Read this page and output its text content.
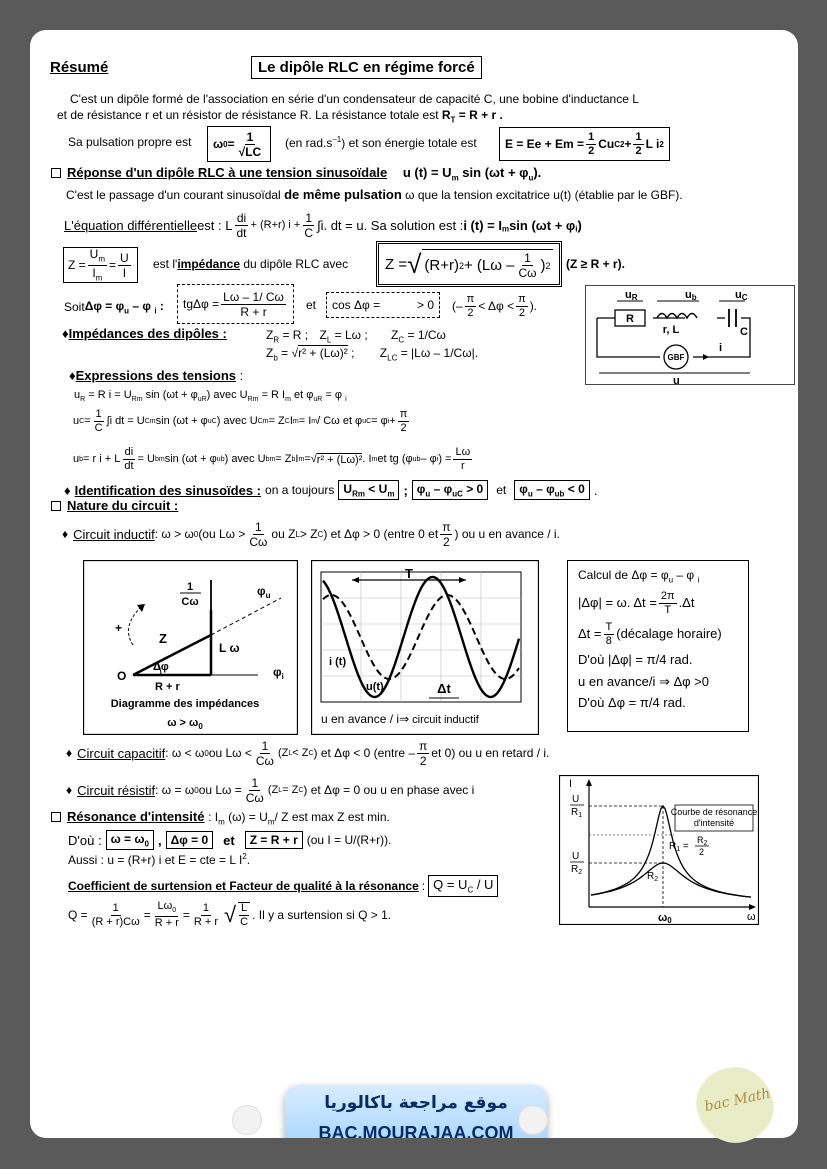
Résumé	Le dipôle RLC en régime forcé
C'est un dipôle formé de l'association en série d'un condensateur de capacité C, une bobine d'inductance L
et de résistance r et un résistor de résistance R. La résistance totale est $R_T = R + r$ .
Sa pulsation propre est ω $0 = \frac{1}{√LC} (en$ $rad.s^{-1}$) et son énergie totale est $E = Ee + Em = \frac{1}{2}$ Cu C $2 + \frac{1}{2}$ L i 2
Réponse d'un dipôle RLC à une tension sinusoïdale u $(t) = U_m$ $\sin (\omega t + \varphi_u)$.
C'est le passage d'un courant sinusoïdal de même pulsation ω que la tension excitatrice u(t) (établie par le GBF).
L'équation différentielle est : L $\frac{di}{dt} + (R+r) i + \frac{1}{C} \int i$. dt = u. Sa solution est : i (t) = I $_m$ sin (ωt + φ $_i$ )
$Z = \frac{U_m}{I_m} = \frac{U}{I}$ est l'impédance du dipôle RLC avec Z = √ (R+r) $2 + (L\omega - \frac{1}{C\omega}$ ) 2 (Z ≥ R + r).
Soit $\Delta\varphi = \varphi_u - \varphi$ $_i$ : $tg\Delta\varphi = \frac{L\omega - 1/ C\omega}{R + r}$ et cos Δφ =	> 0 (– $\frac{\pi}{2} < \Delta\varphi < \frac{\pi}{2}$ ).
R
r, L	C
uR	ub	uC
GBF
i
u
♦Impédances des dipôles :	$Z_R = R$ ; $Z_L = L\omega$ ; $Z_C = 1/C\omega$
$Z_b = √r^2 + (L\omega)^2$ ; $Z_{LC} = |L\omega - 1/C\omega|$.
♦Expressions des tensions :
$u_R = R$ $i = U_{Rm}$ $\sin (\omega t + \varphi_{uR})$ avec $U_{Rm} = R$ $I_m$ et $\varphi_{uR} = \varphi$ $_i$
u $C = \frac{1}{C} \int i$ dt = U Cm sin (ωt + φ uC ) avec U Cm = Z C I m = I m / Cω et φ uC = φ $i + \frac{\pi}{2}$
u b = r i + L $\frac{di}{dt} = U$ bm sin (ωt + φ ub ) avec U bm = Z b I m = √ r² + (Lω)² . I m et tg (φ ub – φ i ) = $\frac{L\omega}{r}$
♦ Identification des sinusoïdes : on a toujours $U_{Rm} < U_m$ ; $\varphi_u - \varphi_{uC} > 0$	et	$\varphi_u - \varphi_{ub} < 0$ .
Nature du circuit :
♦ Circuit inductif : ω > ω 0 (ou $L\omega > \frac{1}{C\omega}$ ou Z L > Z C ) et Δφ > 0 (entre 0 et $\frac{\pi}{2}$ ) ou u en avance / i.
+
1
Cω
$\varphi_u$
Z
L ω
Δφ
O
R + r
$\varphi_i$
Diagramme des impédances
$\omega > \omega_0$
T
i (t)
u(t)	Δt
u en avance / i⇒ circuit inductif
Calcul de $\Delta\varphi = \varphi_u - \varphi$ $_i$
|Δφ| = ω. $\Delta t = \frac{2\pi}{T} .\Delta t$
$\Delta t = \frac{T}{8}$ (décalage horaire)
D'où |Δφ| = π/4 rad.
u en avance/i ⇒ Δφ >0
D'où Δφ = π/4 rad.
♦ Circuit capacitif : ω < ω 0 ou $L\omega < \frac{1}{C\omega} (Z$ L < Z C ) et Δφ < 0 (entre – $\frac{\pi}{2}$ et 0) ou u en retard / i.
♦ Circuit résistif : ω = ω 0 ou $L\omega = \frac{1}{C\omega} (Z$ L = Z C ) et Δφ = 0 ou u en phase avec i
Résonance d'intensité : $I_m$ $(\omega) = U_m/$ Z est max Z est min.
D'où : $\omega = \omega_0$ , Δφ = 0	et	Z = R + r (ou I = U/(R+r)).
Aussi : u = (R+r) i et E = cte = L $I^2$.
Coefficient de surtension et Facteur de qualité à la résonance : $Q = U_C / U$
$Q = \frac{1}{(R + r)C\omega} = \frac{L\omega_0}{R + r} = \frac{1}{R + r}$ √ $\frac{L}{C}$ . Il y a surtension si Q > 1.
I
U
$R_1$
U
$R_2$
Courbe de résonance
d'intensité
$R_1$ =
$R_2$
2
$R_2$
ω
ω0
موقع مراجعة باكالوريا
BAC.MOURAJAA.COM
bac Math
